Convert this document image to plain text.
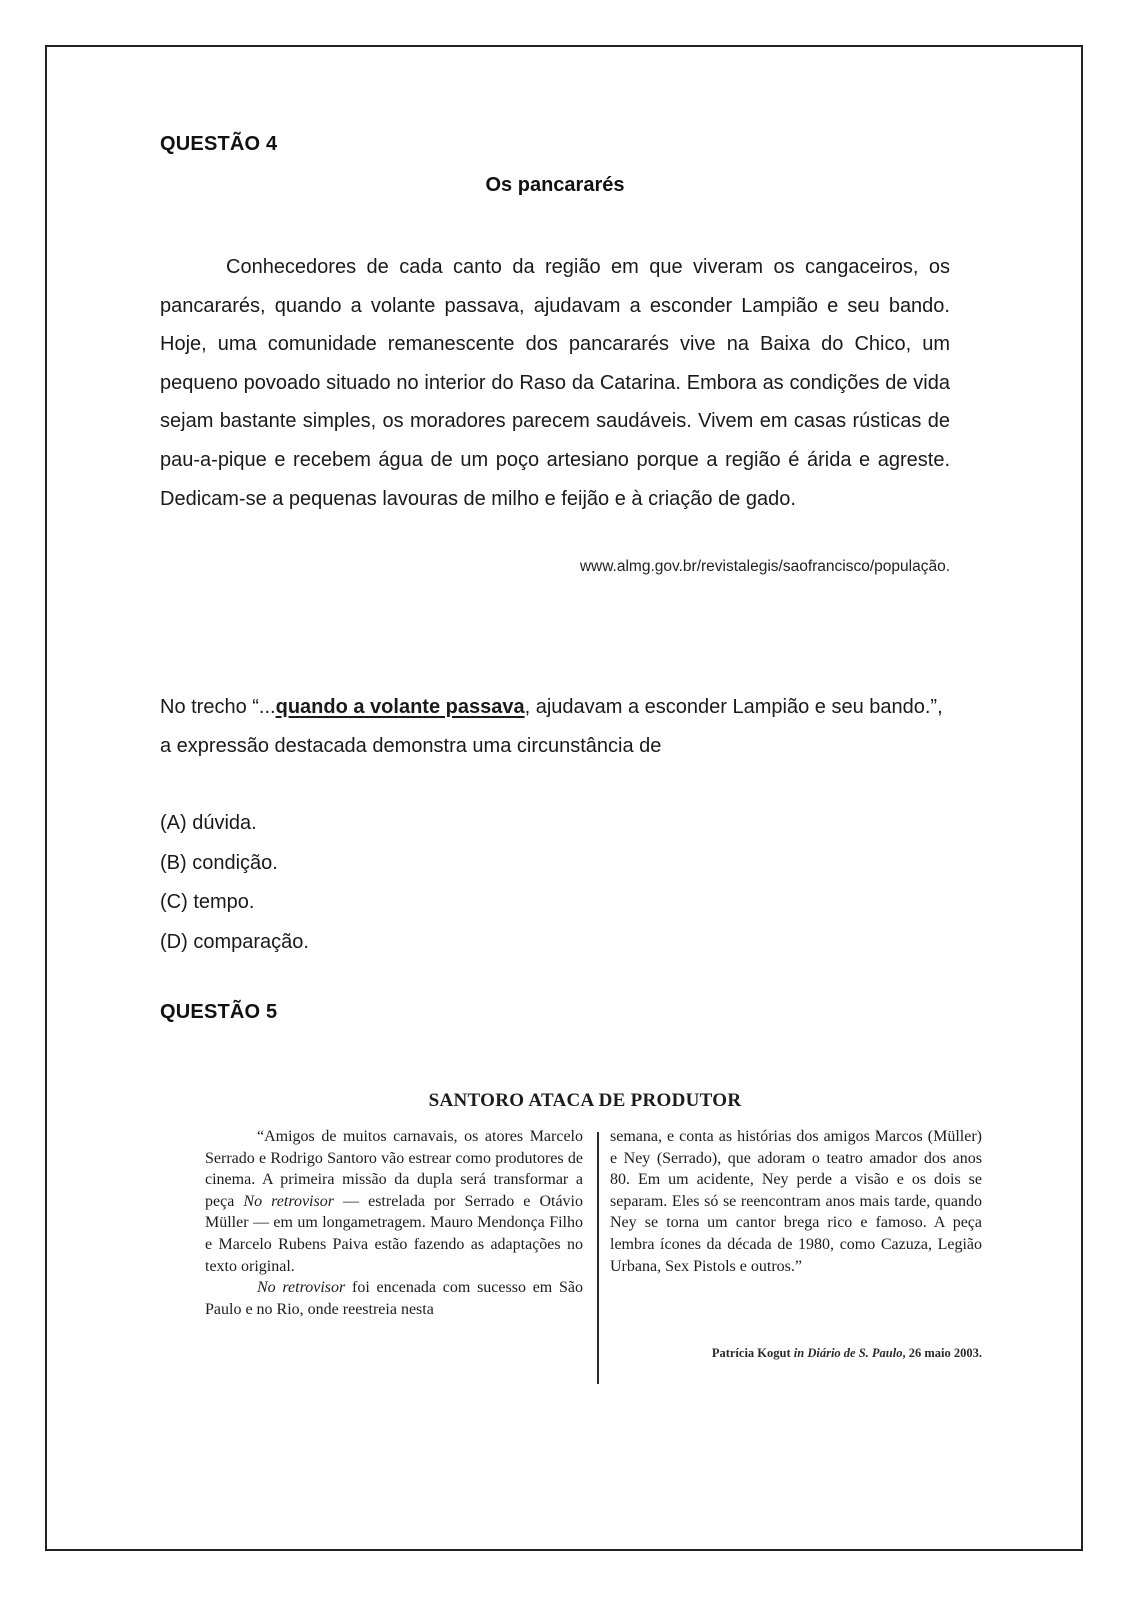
QUESTÃO 4
Os pancararés

Conhecedores de cada canto da região em que viveram os cangaceiros, os pancararés, quando a volante passava, ajudavam a esconder Lampião e seu bando. Hoje, uma comunidade remanescente dos pancararés vive na Baixa do Chico, um pequeno povoado situado no interior do Raso da Catarina. Embora as condições de vida sejam bastante simples, os moradores parecem saudáveis. Vivem em casas rústicas de pau-a-pique e recebem água de um poço artesiano porque a região é árida e agreste. Dedicam-se a pequenas lavouras de milho e feijão e à criação de gado.

www.almg.gov.br/revistalegis/saofrancisco/população.

No trecho “...quando a volante passava, ajudavam a esconder Lampião e seu bando.”, a expressão destacada demonstra uma circunstância de

(A) dúvida.
(B) condição.
(C) tempo.
(D) comparação.
QUESTÃO 5
SANTORO ATACA DE PRODUTOR

“Amigos de muitos carnavais, os atores Marcelo Serrado e Rodrigo Santoro vão estrear como produtores de cinema. A primeira missão da dupla será transformar a peça No retrovisor — estrelada por Serrado e Otávio Müller — em um longametragem. Mauro Mendonça Filho e Marcelo Rubens Paiva estão fazendo as adaptações no texto original.

No retrovisor foi encenada com sucesso em São Paulo e no Rio, onde reestreia nesta

semana, e conta as histórias dos amigos Marcos (Müller) e Ney (Serrado), que adoram o teatro amador dos anos 80. Em um acidente, Ney perde a visão e os dois se separam. Eles só se reencontram anos mais tarde, quando Ney se torna um cantor brega rico e famoso. A peça lembra ícones da década de 1980, como Cazuza, Legião Urbana, Sex Pistols e outros.”

Patrícia Kogut in Diário de S. Paulo, 26 maio 2003.
